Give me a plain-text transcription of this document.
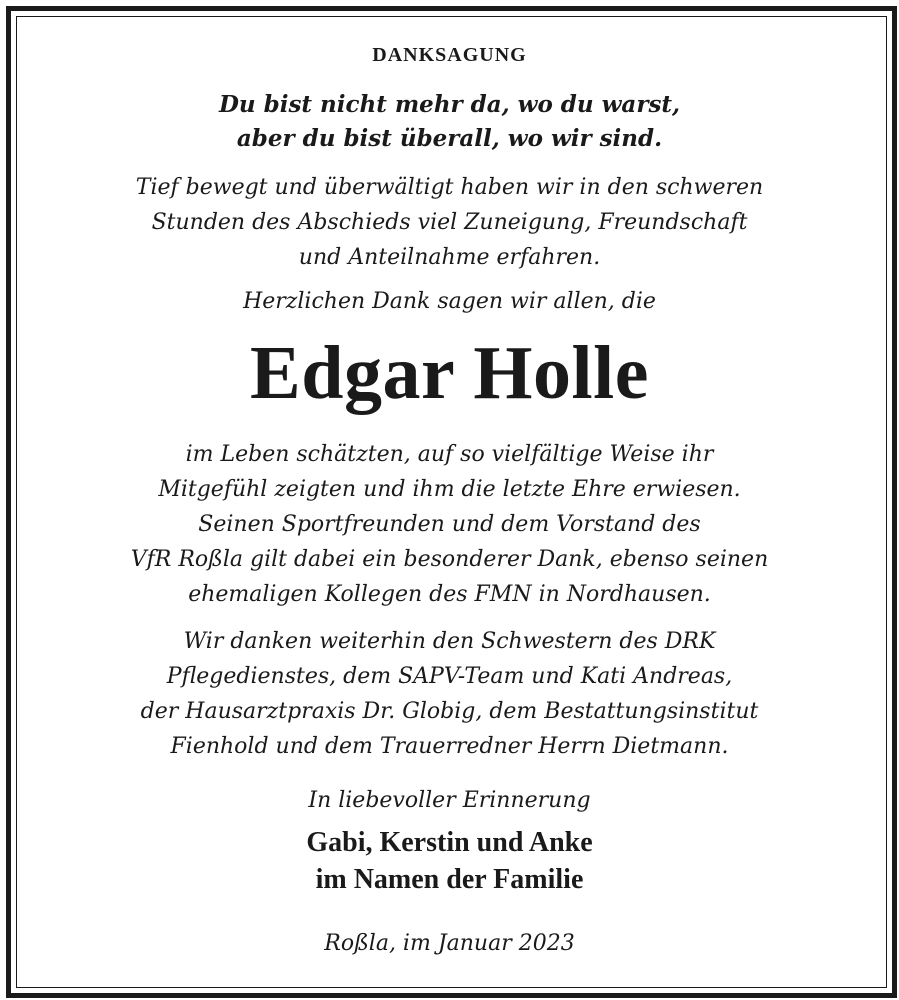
DANKSAGUNG
Du bist nicht mehr da, wo du warst,
aber du bist überall, wo wir sind.
Tief bewegt und überwältigt haben wir in den schweren
Stunden des Abschieds viel Zuneigung, Freundschaft
und Anteilnahme erfahren.
Herzlichen Dank sagen wir allen, die
Edgar Holle
im Leben schätzten, auf so vielfältige Weise ihr
Mitgefühl zeigten und ihm die letzte Ehre erwiesen.
Seinen Sportfreunden und dem Vorstand des
VfR Roßla gilt dabei ein besonderer Dank, ebenso seinen
ehemaligen Kollegen des FMN in Nordhausen.
Wir danken weiterhin den Schwestern des DRK
Pflegedienstes, dem SAPV-Team und Kati Andreas,
der Hausarztpraxis Dr. Globig, dem Bestattungsinstitut
Fienhold und dem Trauerredner Herrn Dietmann.
In liebevoller Erinnerung
Gabi, Kerstin und Anke
im Namen der Familie
Roßla, im Januar 2023
